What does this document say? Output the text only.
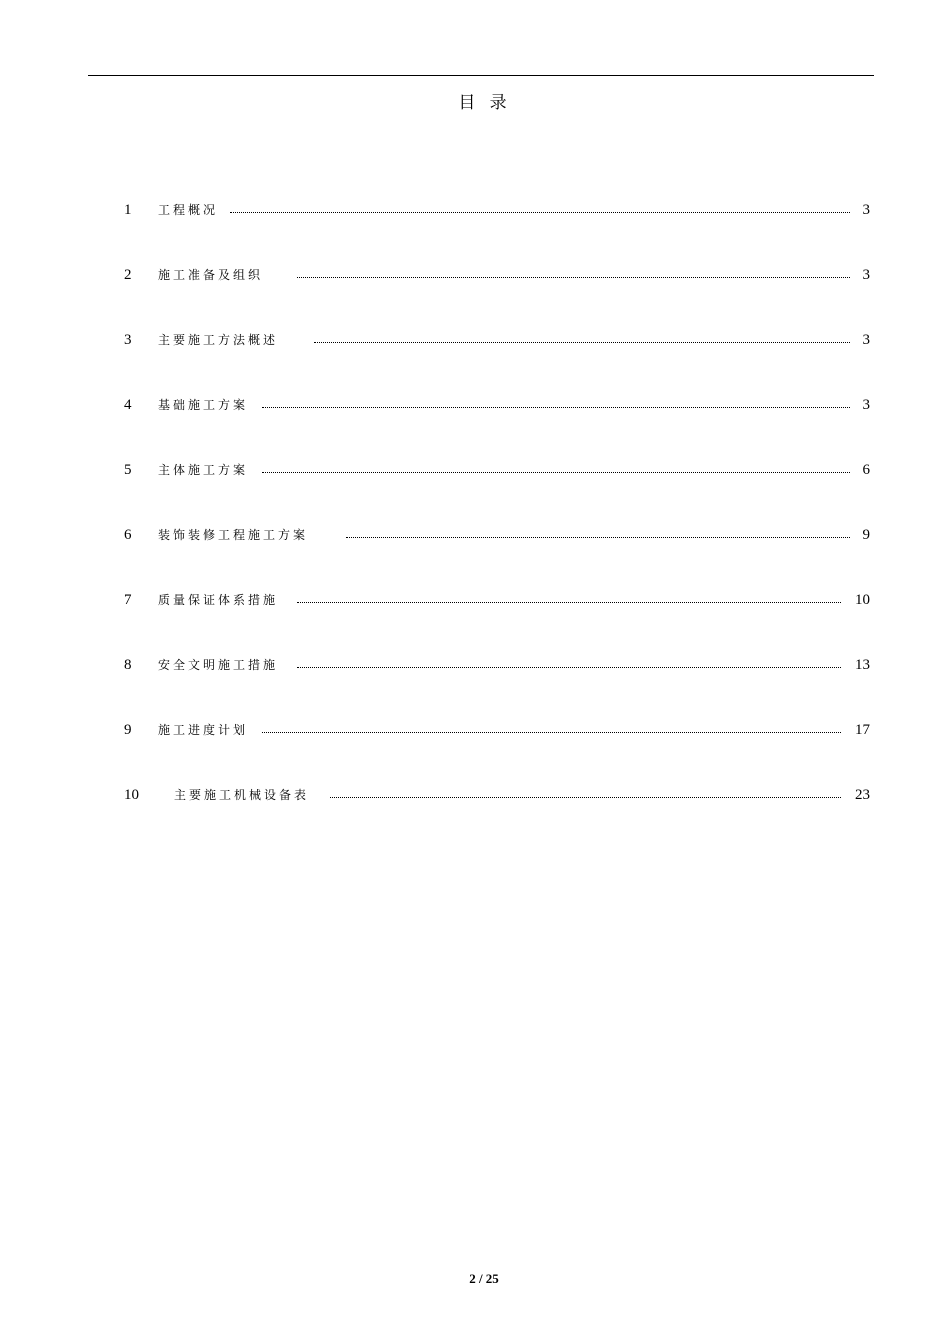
目 录
1 工程概况	3
2 施工准备及组织	3
3 主要施工方法概述	3
4 基础施工方案	3
5 主体施工方案	6
6 装饰装修工程施工方案	9
7 质量保证体系措施	10
8 安全文明施工措施	13
9 施工进度计划	17
10	主要施工机械设备表	23
2 / 25
